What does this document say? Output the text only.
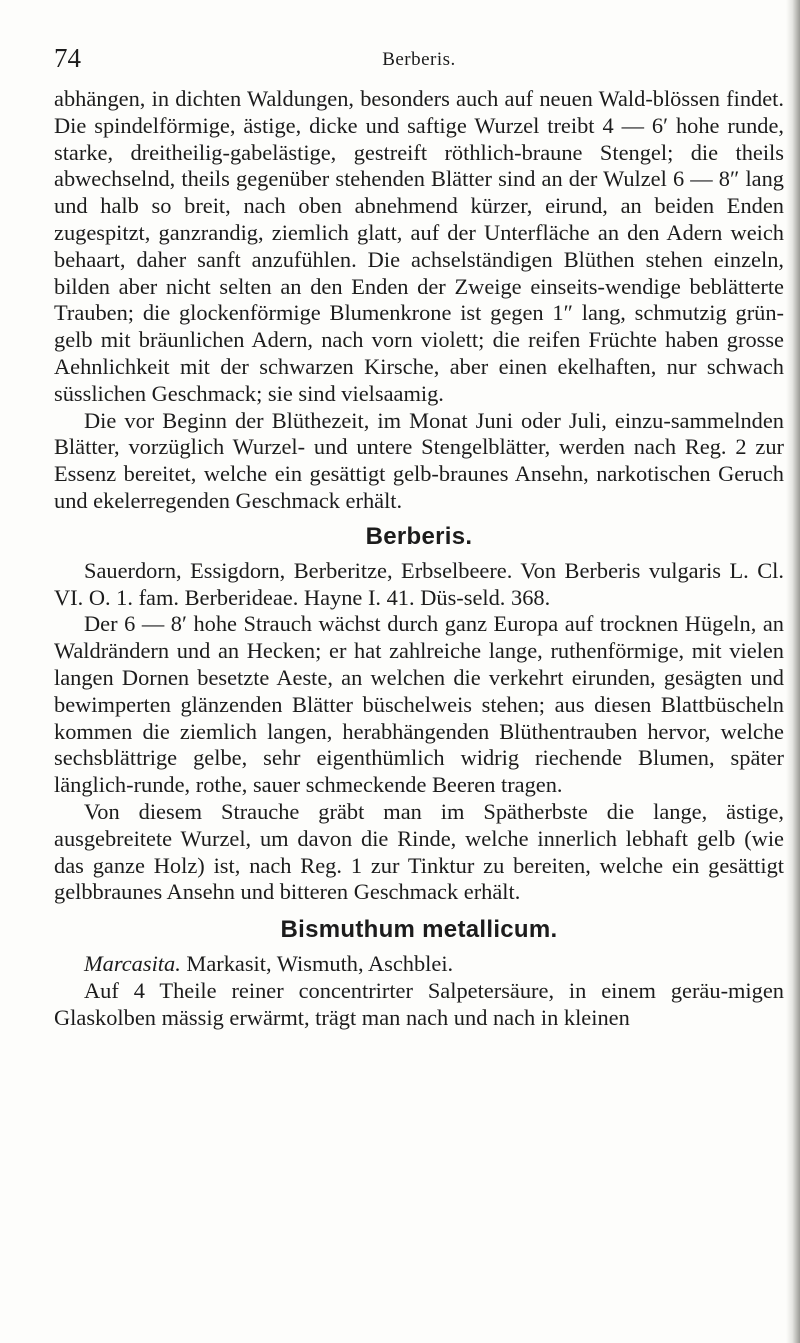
74	Berberis.

abhängen, in dichten Waldungen, besonders auch auf neuen Wald-blössen findet. Die spindelförmige, ästige, dicke und saftige Wurzel treibt 4 — 6′ hohe runde, starke, dreitheilig-gabelästige, gestreift röthlich-braune Stengel; die theils abwechselnd, theils gegenüber stehenden Blätter sind an der Wulzel 6 — 8″ lang und halb so breit, nach oben abnehmend kürzer, eirund, an beiden Enden zugespitzt, ganzrandig, ziemlich glatt, auf der Unterfläche an den Adern weich behaart, daher sanft anzufühlen. Die achselständigen Blüthen stehen einzeln, bilden aber nicht selten an den Enden der Zweige einseits-wendige beblätterte Trauben; die glockenförmige Blumenkrone ist gegen 1″ lang, schmutzig grün-gelb mit bräunlichen Adern, nach vorn violett; die reifen Früchte haben grosse Aehnlichkeit mit der schwarzen Kirsche, aber einen ekelhaften, nur schwach süsslichen Geschmack; sie sind vielsaamig.

Die vor Beginn der Blüthezeit, im Monat Juni oder Juli, einzu-sammelnden Blätter, vorzüglich Wurzel- und untere Stengelblätter, werden nach Reg. 2 zur Essenz bereitet, welche ein gesättigt gelb-braunes Ansehn, narkotischen Geruch und ekelerregenden Geschmack erhält.

Berberis.

Sauerdorn, Essigdorn, Berberitze, Erbselbeere. Von Berberis vulgaris L. Cl. VI. O. 1. fam. Berberideae. Hayne I. 41. Düs-seld. 368.

Der 6 — 8′ hohe Strauch wächst durch ganz Europa auf trocknen Hügeln, an Waldrändern und an Hecken; er hat zahlreiche lange, ruthenförmige, mit vielen langen Dornen besetzte Aeste, an welchen die verkehrt eirunden, gesägten und bewimperten glänzenden Blätter büschelweis stehen; aus diesen Blattbüscheln kommen die ziemlich langen, herabhängenden Blüthentrauben hervor, welche sechsblättrige gelbe, sehr eigenthümlich widrig riechende Blumen, später länglich-runde, rothe, sauer schmeckende Beeren tragen.

Von diesem Strauche gräbt man im Spätherbste die lange, ästige, ausgebreitete Wurzel, um davon die Rinde, welche innerlich lebhaft gelb (wie das ganze Holz) ist, nach Reg. 1 zur Tinktur zu bereiten, welche ein gesättigt gelbbraunes Ansehn und bitteren Geschmack erhält.

Bismuthum metallicum.

Marcasita. Markasit, Wismuth, Aschblei.

Auf 4 Theile reiner concentrirter Salpetersäure, in einem geräu-migen Glaskolben mässig erwärmt, trägt man nach und nach in kleinen
